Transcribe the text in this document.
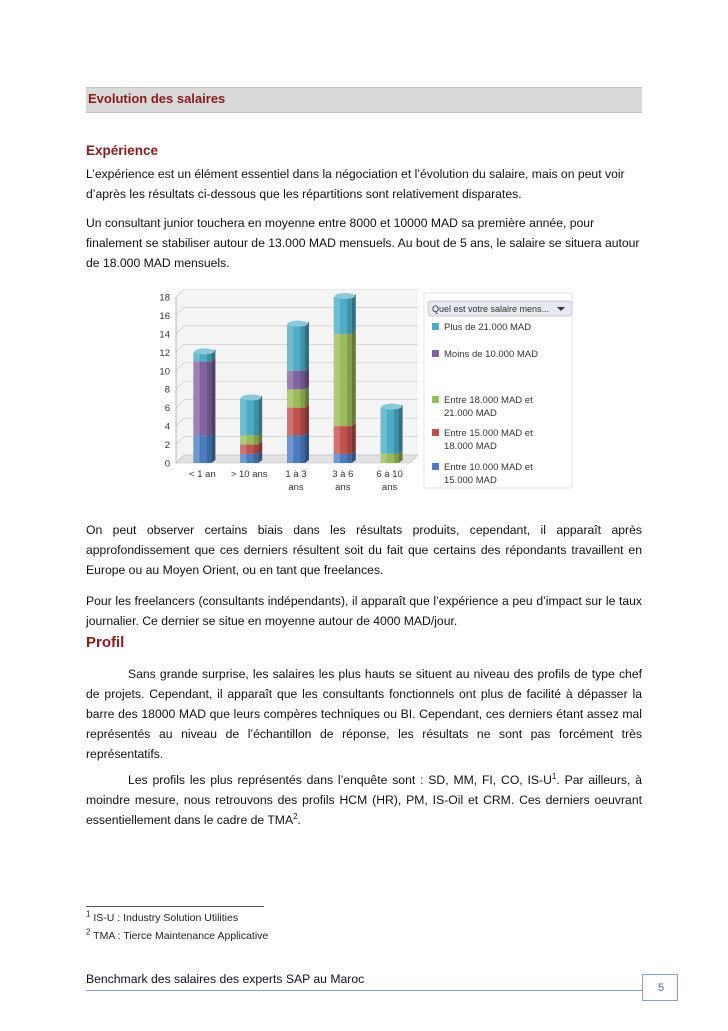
Evolution des salaires
Expérience

L’expérience est un élément essentiel dans la négociation et l’évolution du salaire, mais on peut voir d’après les résultats ci-dessous que les répartitions sont relativement disparates.

Un consultant junior touchera en moyenne entre 8000 et 10000 MAD sa première année, pour finalement se stabiliser autour de 13.000 MAD mensuels. Au bout de 5 ans, le salaire se situera autour de 18.000 MAD mensuels.

0
2
4
6
8
10
12
14
16
18
< 1 an > 10 ans 1 à 3
ans
3 à 6
ans
6 à 10
ans
Quel est votre salaire mens...
Plus de 21.000 MAD
Moins de 10.000 MAD
Entre 18.000 MAD et
21.000 MAD
Entre 15.000 MAD et
18.000 MAD
Entre 10.000 MAD et
15.000 MAD

On peut observer certains biais dans les résultats produits, cependant, il apparaît après approfondissement que ces derniers résultent soit du fait que certains des répondants travaillent en Europe ou au Moyen Orient, ou en tant que freelances.

Pour les freelancers (consultants indépendants), il apparaît que l’expérience a peu d’impact sur le taux journalier. Ce dernier se situe en moyenne autour de 4000 MAD/jour.

Profil

Sans grande surprise, les salaires les plus hauts se situent au niveau des profils de type chef de projets. Cependant, il apparaît que les consultants fonctionnels ont plus de facilité à dépasser la barre des 18000 MAD que leurs compères techniques ou BI. Cependant, ces derniers étant assez mal représentés au niveau de l’échantillon de réponse, les résultats ne sont pas forcément très représentatifs.

Les profils les plus représentés dans l’enquête sont : SD, MM, FI, CO, $IS-U^1$. Par ailleurs, à moindre mesure, nous retrouvons des profils HCM (HR), PM, IS-Oil et CRM. Ces derniers oeuvrant essentiellement dans le cadre de TMA$^2$.

$^1$ IS-U : Industry Solution Utilities
$^2$ TMA : Tierce Maintenance Applicative
Benchmark des salaires des experts SAP au Maroc
5
